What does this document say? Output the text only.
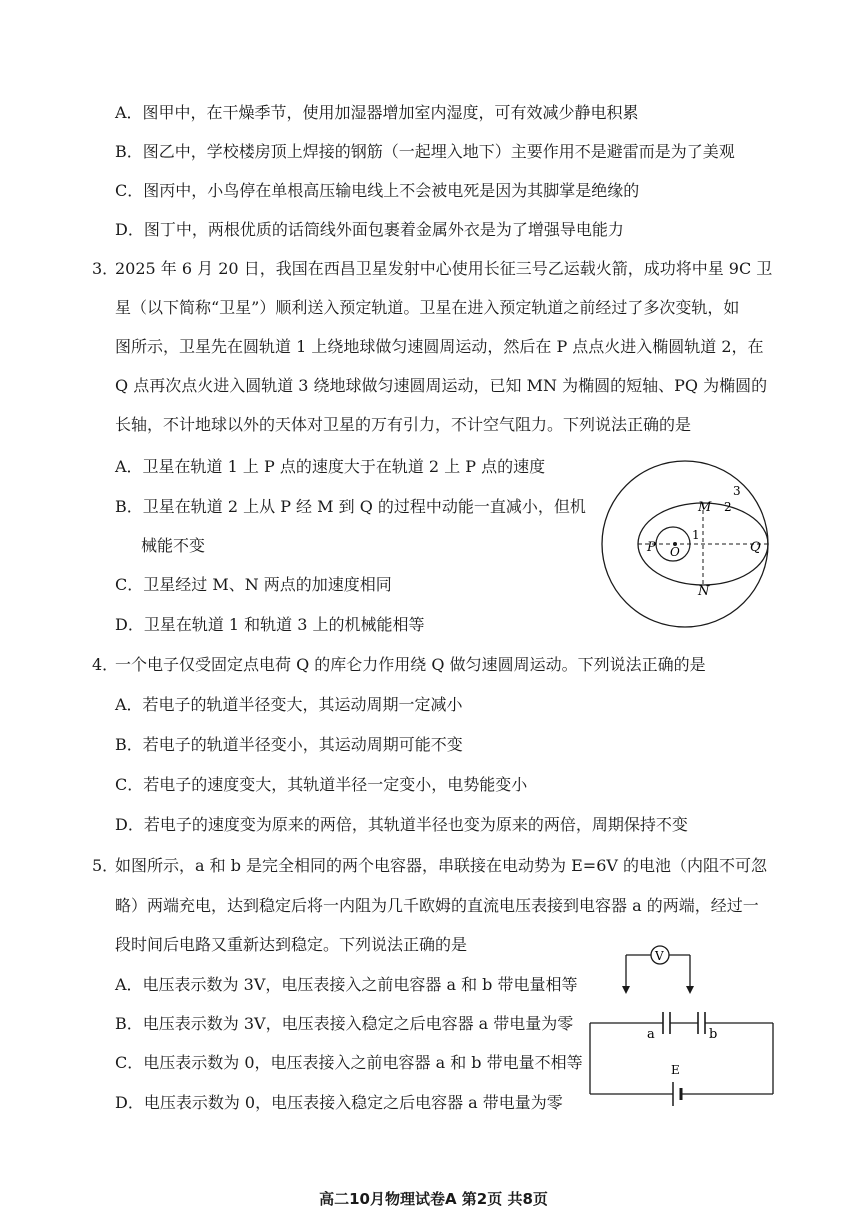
A．图甲中，在干燥季节，使用加湿器增加室内湿度，可有效减少静电积累
B．图乙中，学校楼房顶上焊接的钢筋（一起埋入地下）主要作用不是避雷而是为了美观
C．图丙中，小鸟停在单根高压输电线上不会被电死是因为其脚掌是绝缘的
D．图丁中，两根优质的话筒线外面包裹着金属外衣是为了增强导电能力
3．
2025 年 6 月 20 日，我国在西昌卫星发射中心使用长征三号乙运载火箭，成功将中星 9C 卫
星（以下简称“卫星”）顺利送入预定轨道。卫星在进入预定轨道之前经过了多次变轨，如
图所示，卫星先在圆轨道 1 上绕地球做匀速圆周运动，然后在 P 点点火进入椭圆轨道 2，在
Q 点再次点火进入圆轨道 3 绕地球做匀速圆周运动，已知 MN 为椭圆的短轴、PQ 为椭圆的
长轴，不计地球以外的天体对卫星的万有引力，不计空气阻力。下列说法正确的是
A．卫星在轨道 1 上 P 点的速度大于在轨道 2 上 P 点的速度
B．卫星在轨道 2 上从 P 经 M 到 Q 的过程中动能一直减小，但机
械能不变
C．卫星经过 M、N 两点的加速度相同
D．卫星在轨道 1 和轨道 3 上的机械能相等
P	Q
M
N
O
1
2
3
4．
一个电子仅受固定点电荷 Q 的库仑力作用绕 Q 做匀速圆周运动。下列说法正确的是
A．若电子的轨道半径变大，其运动周期一定减小
B．若电子的轨道半径变小，其运动周期可能不变
C．若电子的速度变大，其轨道半径一定变小，电势能变小
D．若电子的速度变为原来的两倍，其轨道半径也变为原来的两倍，周期保持不变
5．
如图所示，a 和 b 是完全相同的两个电容器，串联接在电动势为 E=6V 的电池（内阻不可忽
略）两端充电，达到稳定后将一内阻为几千欧姆的直流电压表接到电容器 a 的两端，经过一
段时间后电路又重新达到稳定。下列说法正确的是
A．电压表示数为 3V，电压表接入之前电容器 a 和 b 带电量相等
B．电压表示数为 3V，电压表接入稳定之后电容器 a 带电量为零
C．电压表示数为 0，电压表接入之前电容器 a 和 b 带电量不相等
D．电压表示数为 0，电压表接入稳定之后电容器 a 带电量为零
V
a	b
E
高二10月物理试卷A 第2页 共8页
